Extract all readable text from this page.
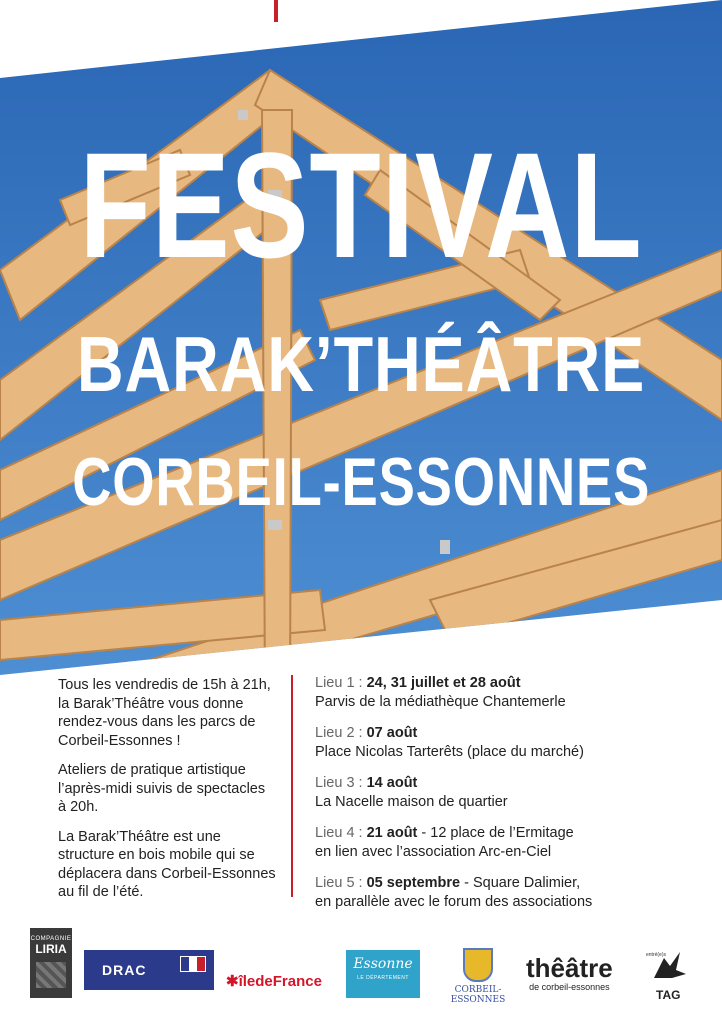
FESTIVAL
BARAK’THÉÂTRE
CORBEIL-ESSONNES

Tous les vendredis de 15h à 21h, la Barak’Théâtre vous donne rendez-vous dans les parcs de Corbeil-Essonnes !

Ateliers de pratique artistique l’après-midi suivis de spectacles à 20h.

La Barak’Théâtre est une structure en bois mobile qui se déplacera dans Corbeil-Essonnes au fil de l’été.

Lieu 1 : 24, 31 juillet et 28 août
Parvis de la médiathèque Chantemerle
Lieu 2 : 07 août
Place Nicolas Tarterêts (place du marché)
Lieu 3 : 14 août
La Nacelle maison de quartier
Lieu 4 : 21 août - 12 place de l’Ermitage
en lien avec l’association Arc-en-Ciel
Lieu 5 : 05 septembre - Square Dalimier,
en parallèle avec le forum des associations
COMPAGNIE
LIRIA
DRAC
✱îledeFrance
Essonne
LE DÉPARTEMENT
CORBEIL-ESSONNES
thêâtre
de corbeil-essonnes
entré(e)s
TAG
